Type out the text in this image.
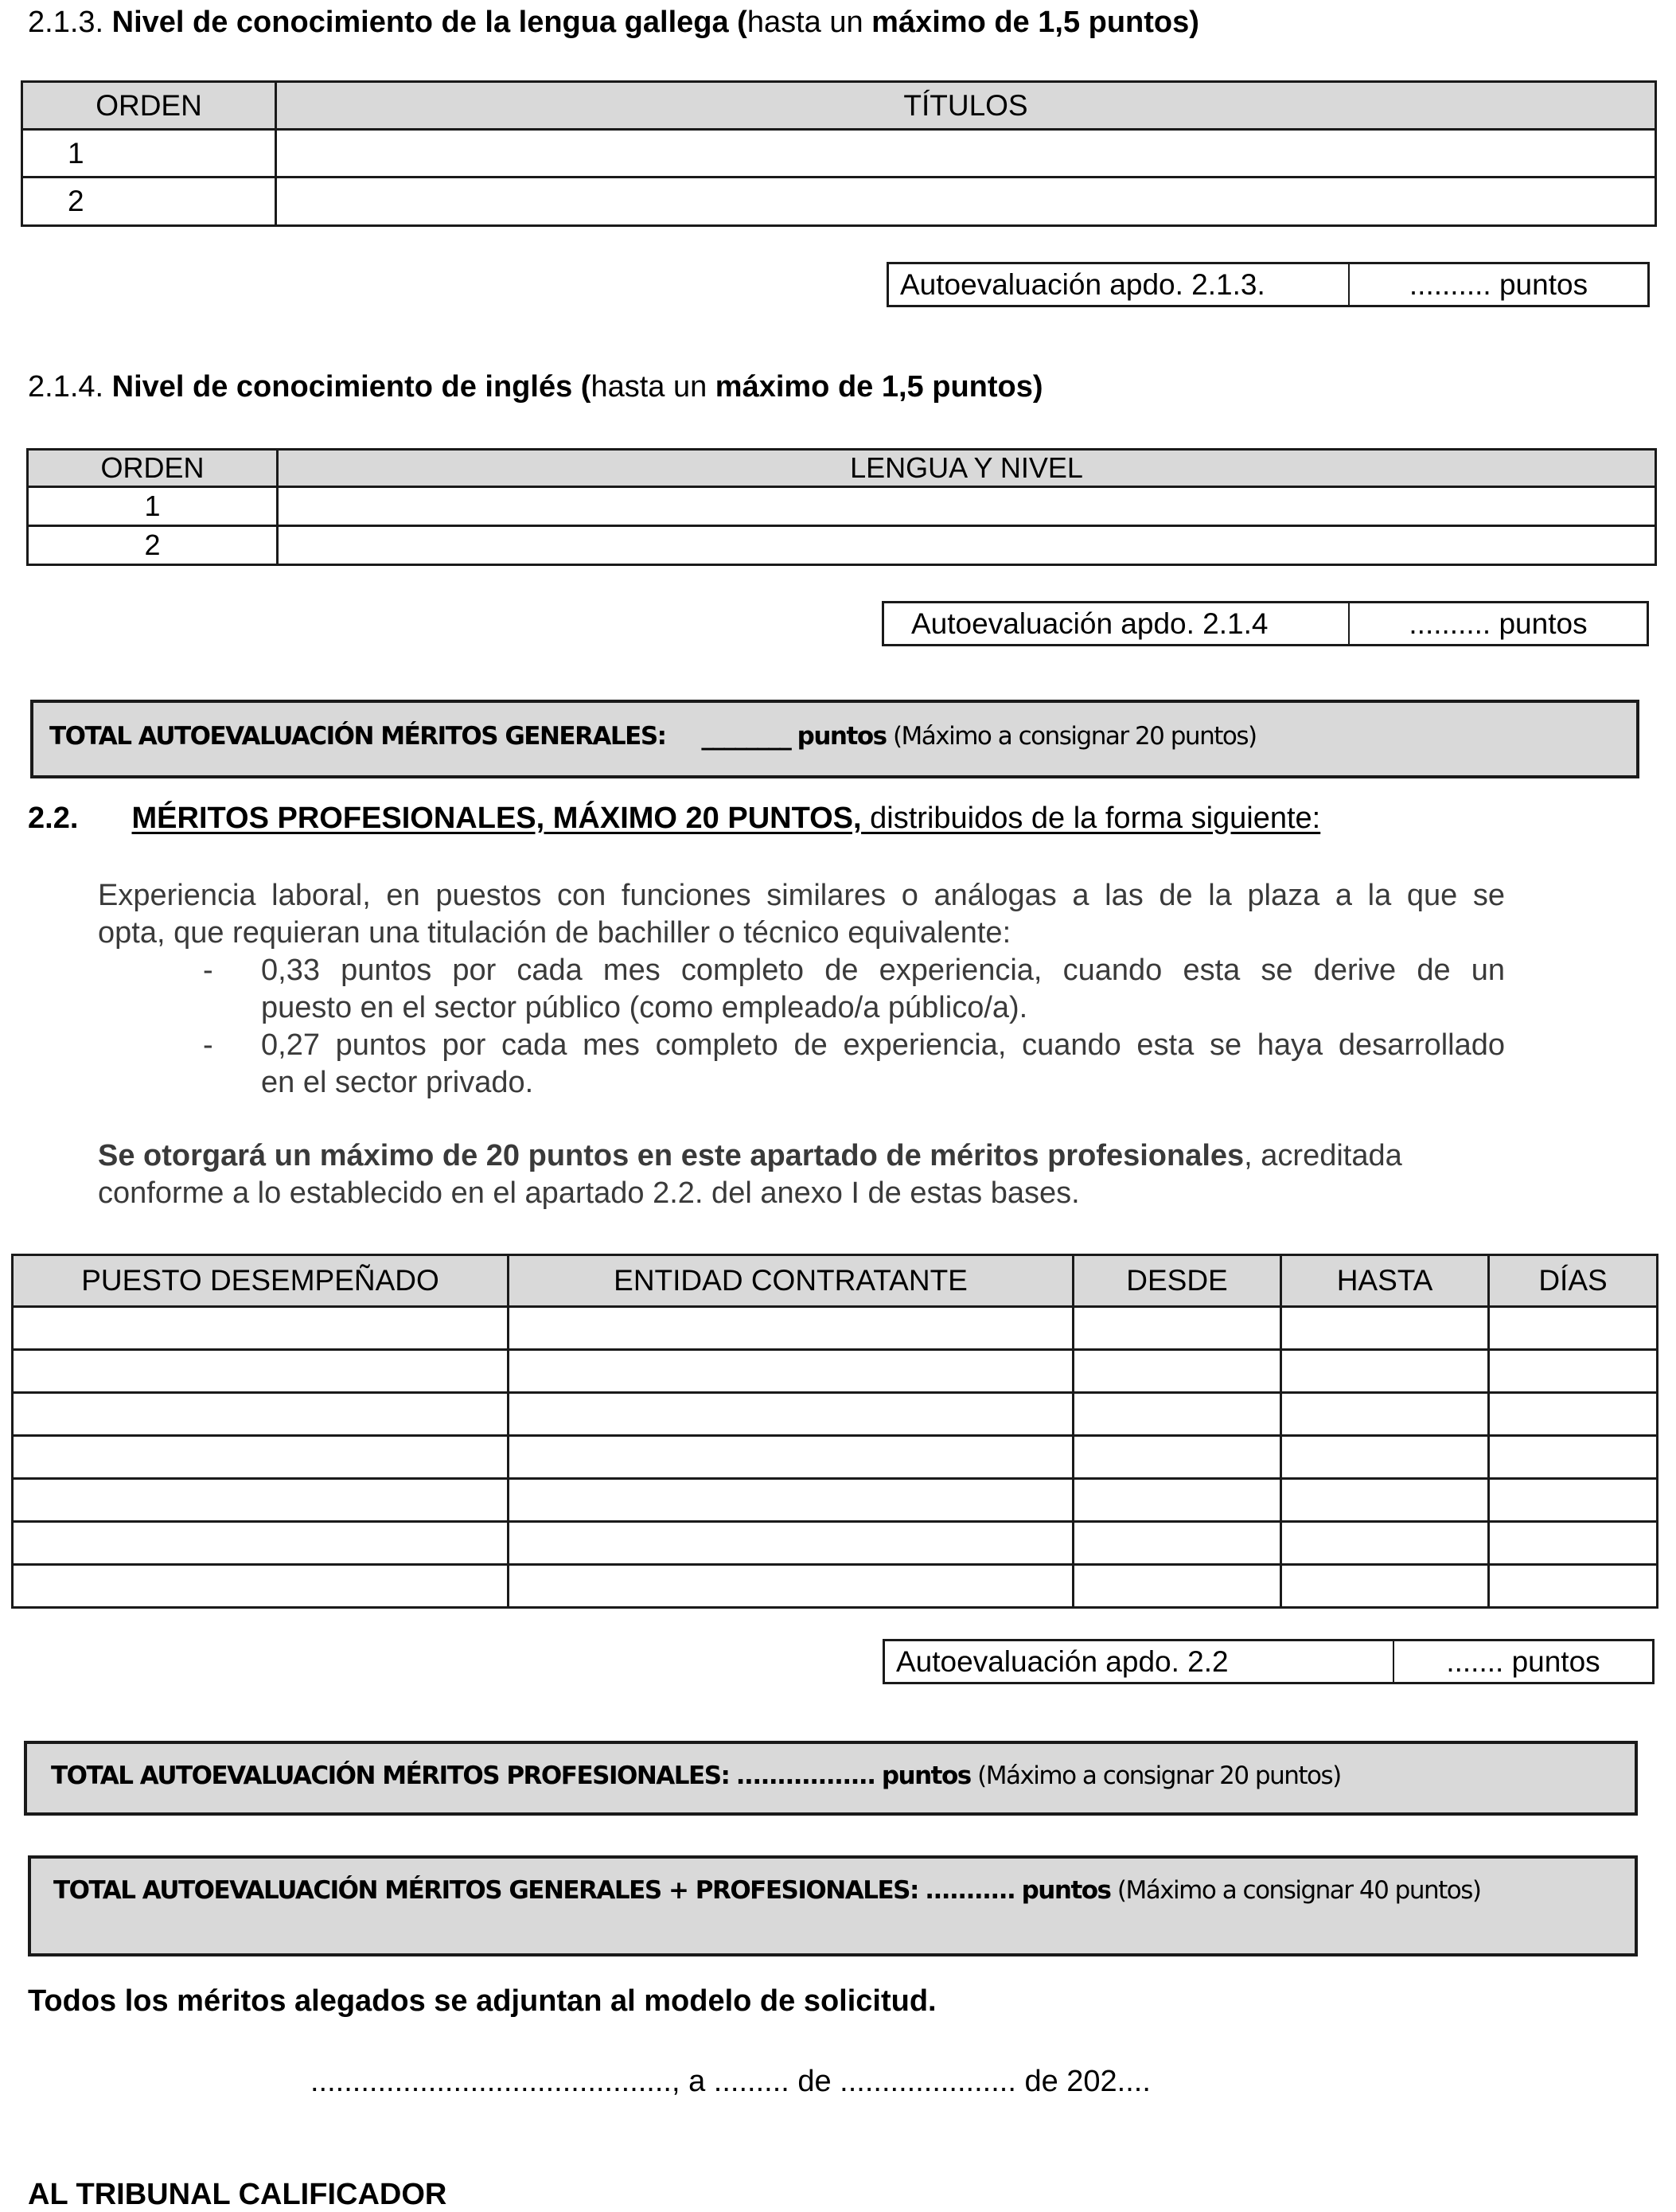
2.1.3. Nivel de conocimiento de la lengua gallega (hasta un máximo de 1,5 puntos)
ORDEN	TÍTULOS
1	
2	
Autoevaluación apdo. 2.1.3.	.......... puntos
2.1.4. Nivel de conocimiento de inglés (hasta un máximo de 1,5 puntos)
ORDEN	LENGUA Y NIVEL
1	
2	
Autoevaluación apdo. 2.1.4	.......... puntos
TOTAL AUTOEVALUACIÓN MÉRITOS GENERALES: ________ puntos (Máximo a consignar 20 puntos)
2.2. MÉRITOS PROFESIONALES, MÁXIMO 20 PUNTOS, distribuidos de la forma siguiente:
Experiencia laboral, en puestos con funciones similares o análogas a las de la plaza a la que se
opta, que requieran una titulación de bachiller o técnico equivalente:
- 0,33 puntos por cada mes completo de experiencia, cuando esta se derive de un
puesto en el sector público (como empleado/a público/a).
- 0,27 puntos por cada mes completo de experiencia, cuando esta se haya desarrollado
en el sector privado.
Se otorgará un máximo de 20 puntos en este apartado de méritos profesionales, acreditada
conforme a lo establecido en el apartado 2.2. del anexo I de estas bases.
PUESTO DESEMPEÑADO	ENTIDAD CONTRATANTE	DESDE	HASTA	DÍAS

Autoevaluación apdo. 2.2	....... puntos
TOTAL AUTOEVALUACIÓN MÉRITOS PROFESIONALES: ................. puntos (Máximo a consignar 20 puntos)
TOTAL AUTOEVALUACIÓN MÉRITOS GENERALES + PROFESIONALES: ........... puntos (Máximo a consignar 40 puntos)
Todos los méritos alegados se adjuntan al modelo de solicitud.
..........................................., a ......... de ..................... de 202....
AL TRIBUNAL CALIFICADOR
